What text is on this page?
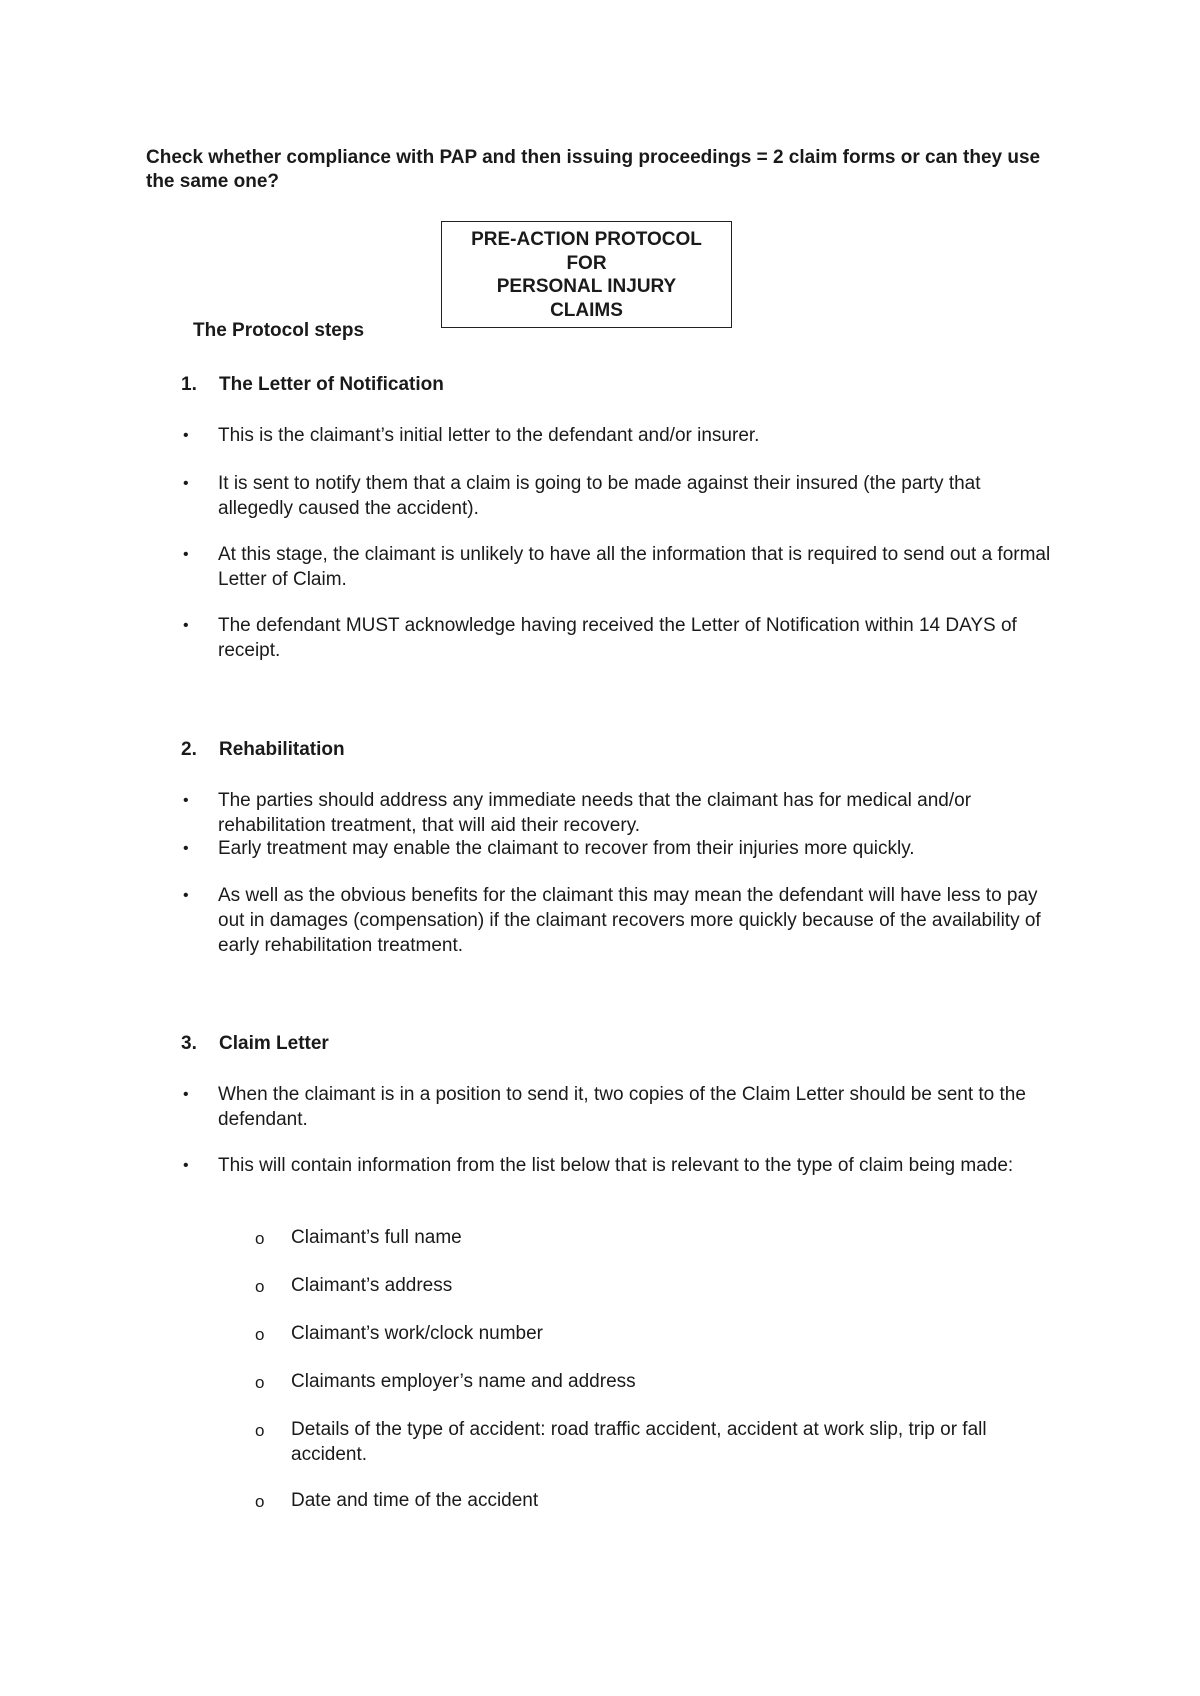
Check whether compliance with PAP and then issuing proceedings = 2 claim forms or can they use the same one?
PRE-ACTION PROTOCOL
FOR
PERSONAL INJURY
CLAIMS
The Protocol steps
1. The Letter of Notification
• This is the claimant’s initial letter to the defendant and/or insurer.
• It is sent to notify them that a claim is going to be made against their insured (the party that allegedly caused the accident).
• At this stage, the claimant is unlikely to have all the information that is required to send out a formal Letter of Claim.
• The defendant MUST acknowledge having received the Letter of Notification within 14 DAYS of receipt.
2. Rehabilitation
• The parties should address any immediate needs that the claimant has for medical and/or rehabilitation treatment, that will aid their recovery.
• Early treatment may enable the claimant to recover from their injuries more quickly.
• As well as the obvious benefits for the claimant this may mean the defendant will have less to pay out in damages (compensation) if the claimant recovers more quickly because of the availability of early rehabilitation treatment.
3. Claim Letter
• When the claimant is in a position to send it, two copies of the Claim Letter should be sent to the defendant.
• This will contain information from the list below that is relevant to the type of claim being made:
o Claimant’s full name
o Claimant’s address
o Claimant’s work/clock number
o Claimants employer’s name and address
o Details of the type of accident: road traffic accident, accident at work slip, trip or fall accident.
o Date and time of the accident
